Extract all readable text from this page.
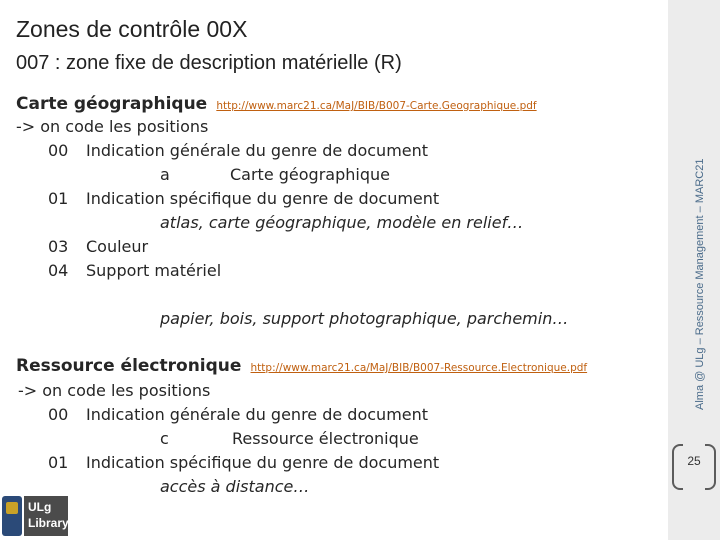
Alma @ ULg – Ressource Management – MARC21
25
Zones de contrôle 00X
007 : zone fixe de description matérielle (R)
Carte géographique http://www.marc21.ca/MaJ/BIB/B007-Carte.Geographique.pdf
-> on code les positions
00 Indication générale du genre de document
a	Carte géographique
01 Indication spécifique du genre de document
atlas, carte géographique, modèle en relief…
03 Couleur
04 Support matériel
papier, bois, support photographique, parchemin…
Ressource électronique http://www.marc21.ca/MaJ/BIB/B007-Ressource.Electronique.pdf
-> on code les positions
00 Indication générale du genre de document
c	Ressource électronique
01 Indication spécifique du genre de document
accès à distance…
ULg
Library
